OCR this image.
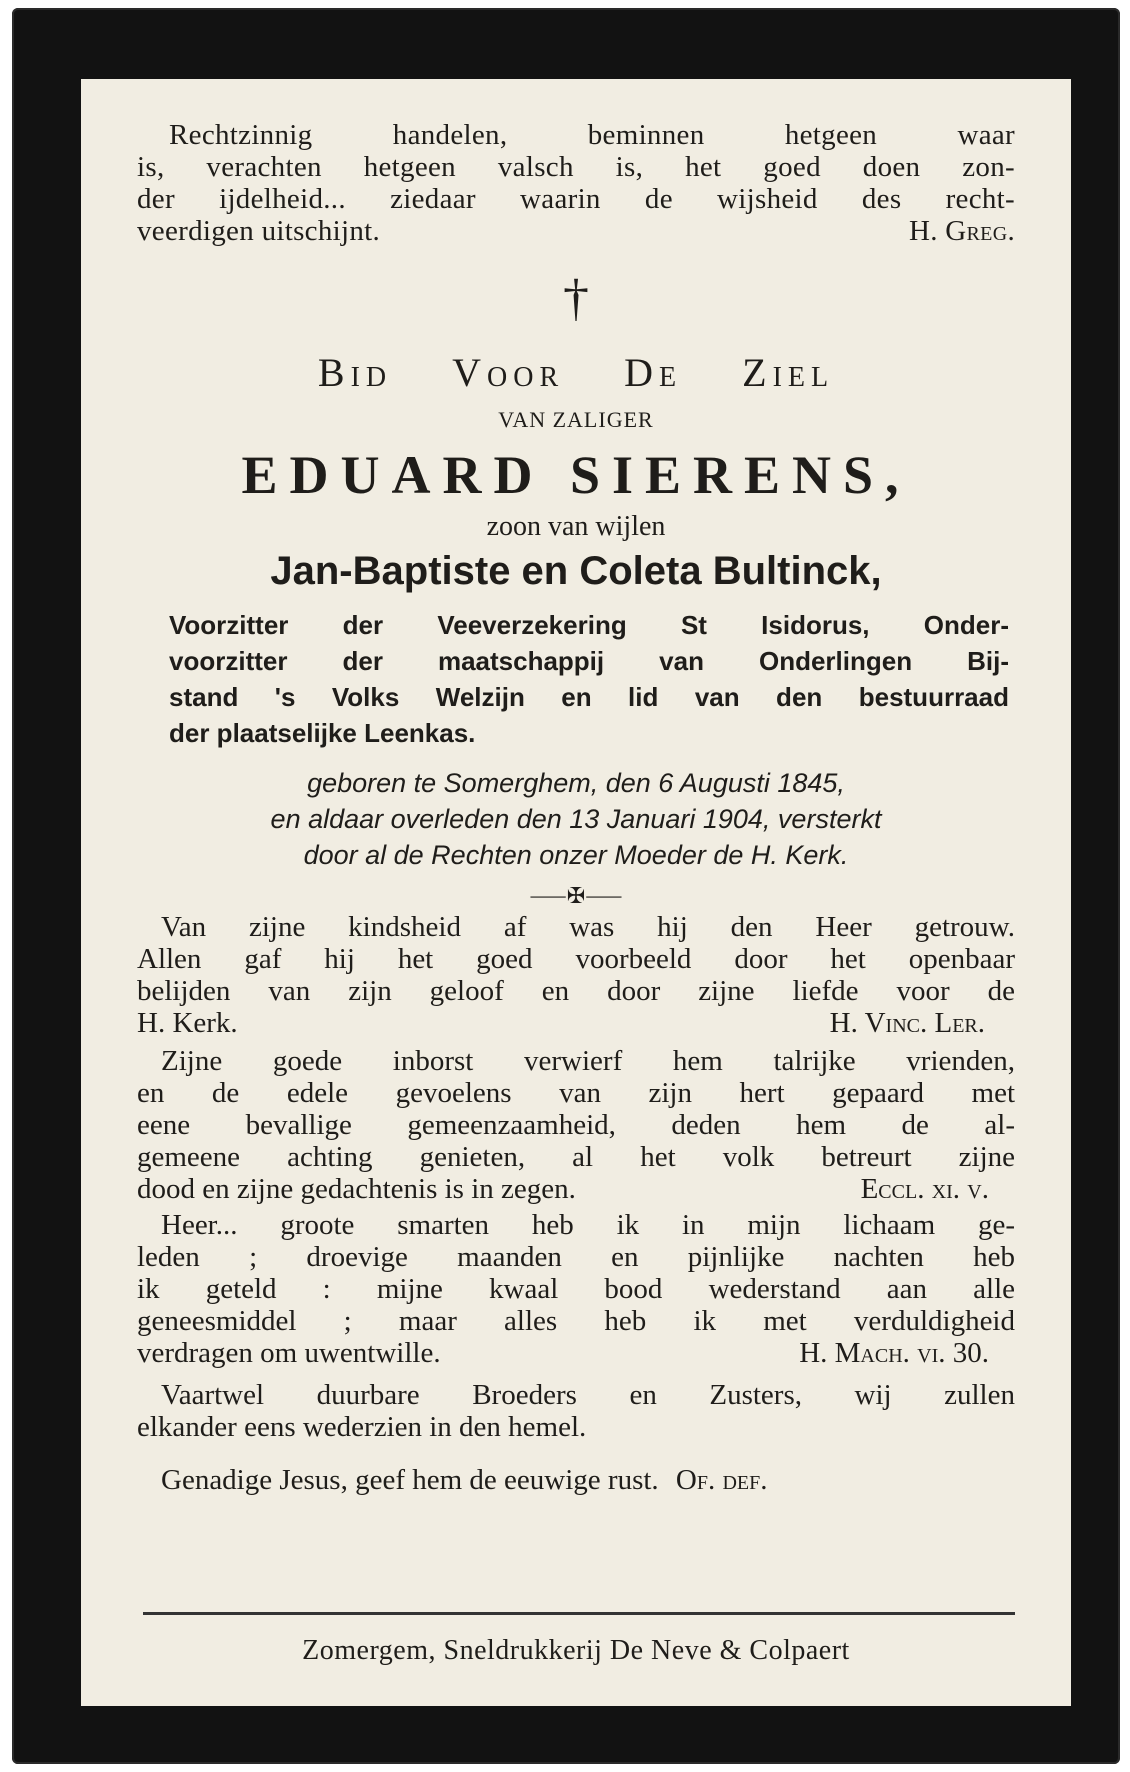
Rechtzinnig handelen, beminnen hetgeen waar
is, verachten hetgeen valsch is, het goed doen zon-
der ijdelheid... ziedaar waarin de wijsheid des recht-
veerdigen uitschijnt.	H. Greg.
†
Bid Voor De Ziel
VAN ZALIGER
EDUARD SIERENS,
zoon van wijlen
Jan-Baptiste en Coleta Bultinck,
Voorzitter der Veeverzekering St Isidorus, Onder-
voorzitter der maatschappij van Onderlingen Bij-
stand 's Volks Welzijn en lid van den bestuurraad
der plaatselijke Leenkas.
geboren te Somerghem, den 6 Augusti 1845,
en aldaar overleden den 13 Januari 1904, versterkt
door al de Rechten onzer Moeder de H. Kerk.
⸺✠⸺
Van zijne kindsheid af was hij den Heer getrouw.
Allen gaf hij het goed voorbeeld door het openbaar
belijden van zijn geloof en door zijne liefde voor de
H. Kerk.	H. Vinc. Ler.
Zijne goede inborst verwierf hem talrijke vrienden,
en de edele gevoelens van zijn hert gepaard met
eene bevallige gemeenzaamheid, deden hem de al-
gemeene achting genieten, al het volk betreurt zijne
dood en zijne gedachtenis is in zegen.	Eccl. xi. v.
Heer... groote smarten heb ik in mijn lichaam ge-
leden ; droevige maanden en pijnlijke nachten heb
ik geteld : mijne kwaal bood wederstand aan alle
geneesmiddel ; maar alles heb ik met verduldigheid
verdragen om uwentwille.	H. Mach. vi. 30.
Vaartwel duurbare Broeders en Zusters, wij zullen
elkander eens wederzien in den hemel.
Genadige Jesus, geef hem de eeuwige rust. Of. def.
Zomergem, Sneldrukkerij De Neve & Colpaert
